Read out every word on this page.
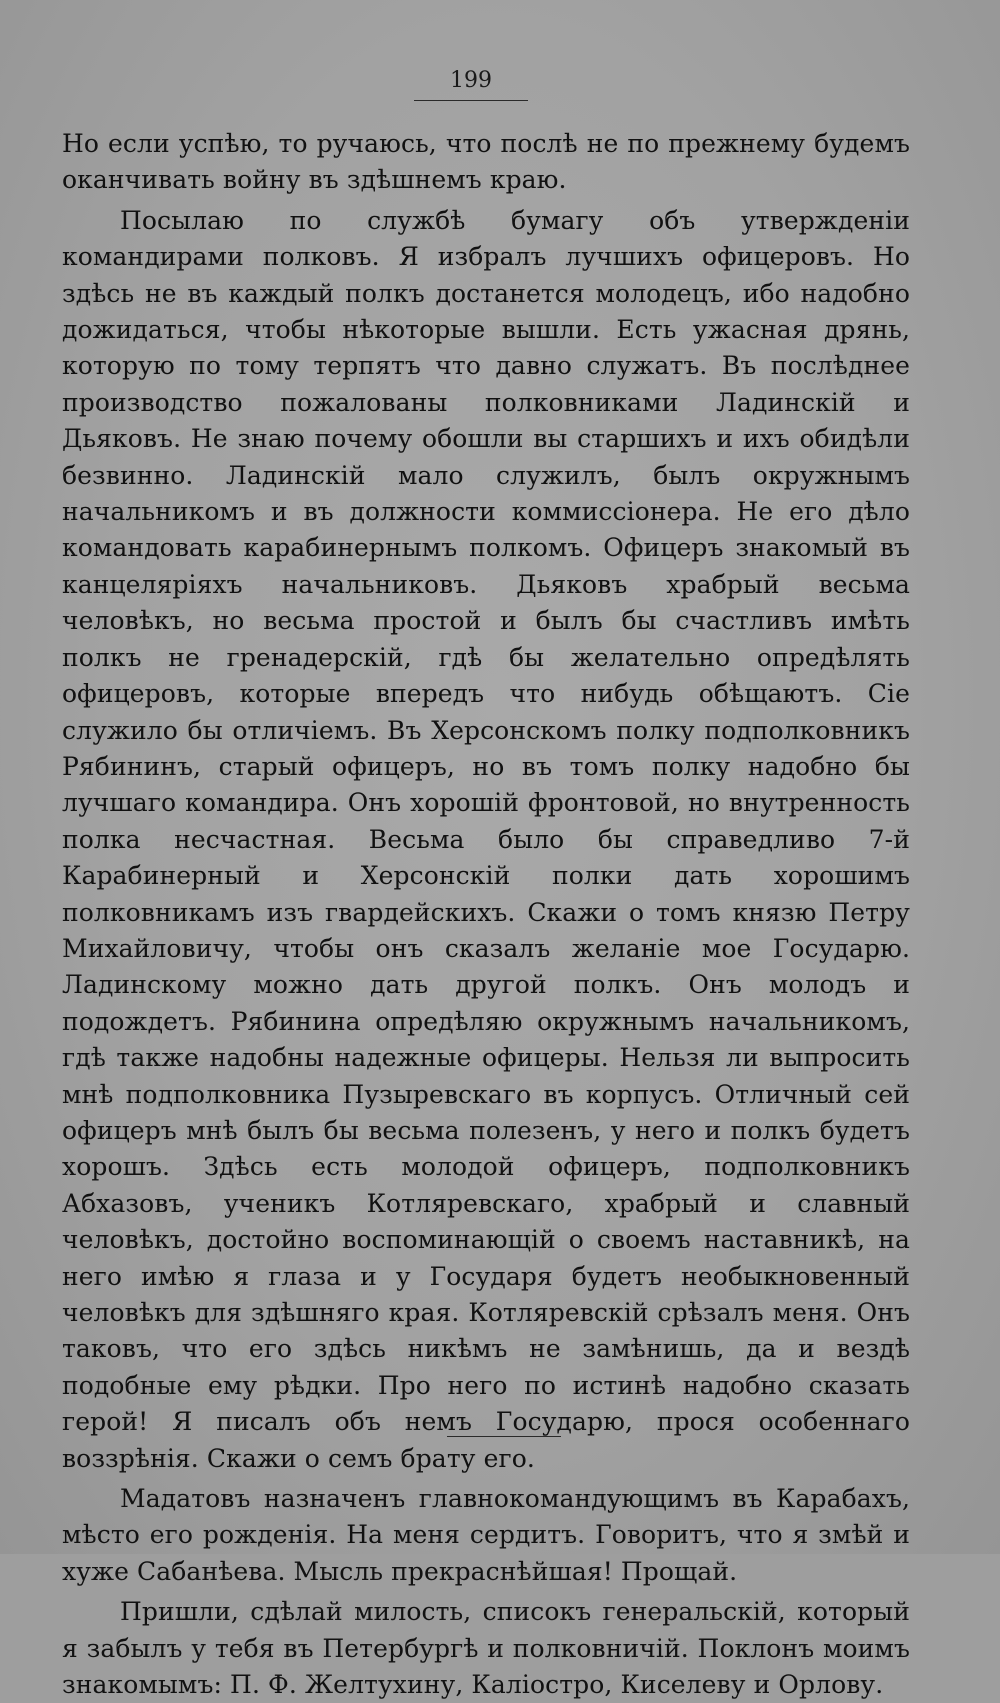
199

Но если успѣю, то ручаюсь, что послѣ не по прежнему будемъ оканчивать войну въ здѣшнемъ краю.

Посылаю по службѣ бумагу объ утвержденіи командирами полковъ. Я избралъ лучшихъ офицеровъ. Но здѣсь не въ каждый полкъ достанется молодецъ, ибо надобно дожидаться, чтобы нѣкоторые вышли. Есть ужасная дрянь, которую по тому терпятъ что давно служатъ. Въ послѣднее производство пожалованы полковниками Ладинскій и Дьяковъ. Не знаю почему обошли вы старшихъ и ихъ обидѣли безвинно. Ладинскій мало служилъ, былъ окружнымъ начальникомъ и въ должности коммиссіонера. Не его дѣло командовать карабинернымъ полкомъ. Офицеръ знакомый въ канцеляріяхъ начальниковъ. Дьяковъ храбрый весьма человѣкъ, но весьма простой и былъ бы счастливъ имѣть полкъ не гренадерскій, гдѣ бы желательно опредѣлять офицеровъ, которые впередъ что нибудь обѣщаютъ. Сіе служило бы отличіемъ. Въ Херсонскомъ полку подполковникъ Рябининъ, старый офицеръ, но въ томъ полку надобно бы лучшаго командира. Онъ хорошій фронтовой, но внутренность полка несчастная. Весьма было бы справедливо 7-й Карабинерный и Херсонскій полки дать хорошимъ полковникамъ изъ гвардейскихъ. Скажи о томъ князю Петру Михайловичу, чтобы онъ сказалъ желаніе мое Государю. Ладинскому можно дать другой полкъ. Онъ молодъ и подождетъ. Рябинина опредѣляю окружнымъ начальникомъ, гдѣ также надобны надежные офицеры. Нельзя ли выпросить мнѣ подполковника Пузыревскаго въ корпусъ. Отличный сей офицеръ мнѣ былъ бы весьма полезенъ, у него и полкъ будетъ хорошъ. Здѣсь есть молодой офицеръ, подполковникъ Абхазовъ, ученикъ Котляревскаго, храбрый и славный человѣкъ, достойно воспоминающій о своемъ наставникѣ, на него имѣю я глаза и у Государя будетъ необыкновенный человѣкъ для здѣшняго края. Котляревскій срѣзалъ меня. Онъ таковъ, что его здѣсь никѣмъ не замѣнишь, да и вездѣ подобные ему рѣдки. Про него по истинѣ надобно сказать герой! Я писалъ объ немъ Государю, прося особеннаго воззрѣнія. Скажи о семъ брату его.

Мадатовъ назначенъ главнокомандующимъ въ Карабахъ, мѣсто его рожденія. На меня сердитъ. Говоритъ, что я змѣй и хуже Сабанѣева. Мысль прекраснѣйшая! Прощай.

Пришли, сдѣлай милость, списокъ генеральскій, который я забылъ у тебя въ Петербургѣ и полковничій. Поклонъ моимъ знакомымъ: П. Ф. Желтухину, Каліостро, Киселеву и Орлову.
